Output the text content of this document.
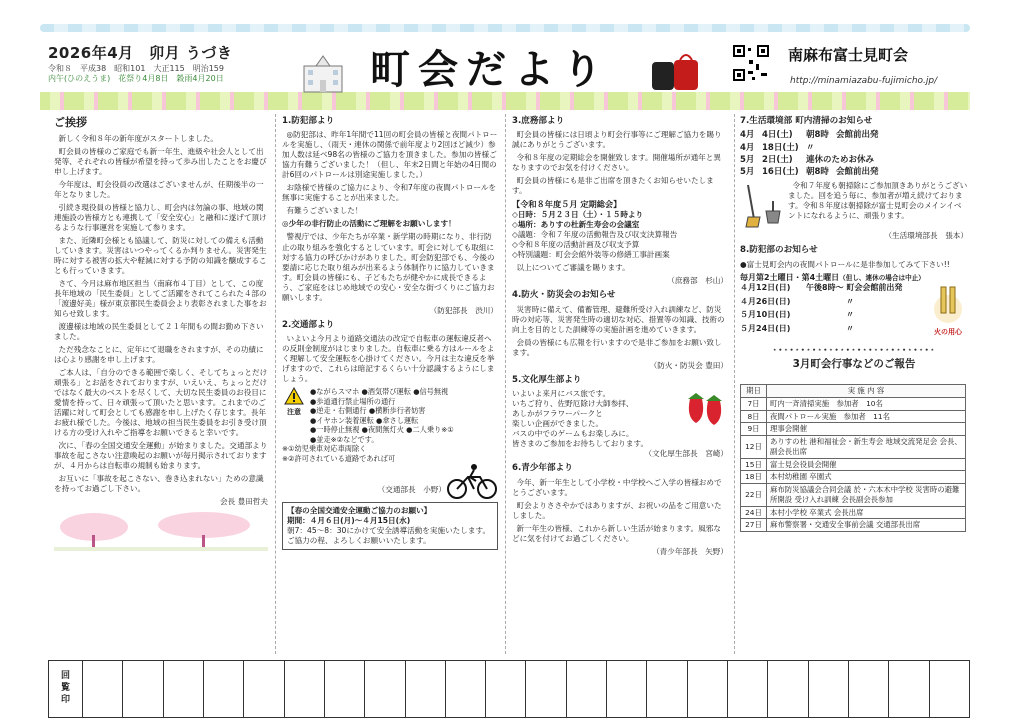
2026年4月　卯月 うづき
令和８　平成38　昭和101　大正115　明治159
内午(ひのえうま)　花祭り4月8日　穀雨4月20日	町会だより	南麻布富士見町会
http://minamiazabu-fujimicho.jp/
ご挨拶

新しく令和８年の新年度がスタートしました。

町会員の皆様のご家庭でも新一年生、進級や社会人として出発等、それぞれの皆様が希望を持って歩み出したことをお慶び申し上げます。

今年度は、町会役員の改選はございませんが、任期後半の一年となりました。

引続き現役員の皆様と協力し、町会内は勿論の事、地域の関連施設の皆様方とも連携して「安全安心」と融和に遂げて頂けるような行事運営を実施して参ります。

また、近隣町会様とも協議して、防災に対しての備えも活動していきます。災害はいつやってくるか判りません。災害発生時に対する被害の拡大や軽減に対する予防の知識を醸成することも行っていきます。

さて、今月は麻布地区担当（南麻布４丁目）として、この度長年地域の「民生委員」としてご活躍をされてこられた４部の「渡邊好美」様が東京都民生委員会より表彰されました事をお知らせ致します。

渡邊様は地域の民生委員として２１年間もの間お勤め下さいました。

ただ残念なことに、定年にて退職をされますが、その功績には心より感謝を申し上げます。

ご本人は、「自分のできる範囲で楽しく、そしてちょっとだけ頑張る」とお話をされておりますが、いえいえ、ちょっとだけではなく最大のベストを尽くして、大切な民生委員のお役目に愛情を持って、日々頑張って頂いたと思います。これまでのご活躍に対して町会としても感謝を申し上げたく存じます。長年お疲れ様でした。今後は、地域の担当民生委員をお引き受け頂ける方の受け入れやご指導をお願いできると幸いです。

次に、「春の全国交通安全運動」が始まりました。交通部より事故を起こさない注意喚起のお願いが毎月掲示されておりますが、４月からは自転車の規制も始まります。

お互いに「事故を起こさない、巻き込まれない」ための意識を持ってお過ごし下さい。

会長 豊田哲夫
1.防犯部より

◎防犯部は、昨年1年間で11回の町会員の皆様と夜間パトロールを実施し、（雨天・連休の関係で前年度より2回ほど減少）参加人数は延べ98名の皆様のご協力を頂きました。参加の皆様ご協力有難うございました！（但し、年末2日間と年始の4日間の計6回のパトロールは別途実施しました。）

お陰様で皆様のご協力により、令和7年度の夜間パトロールを無事に実施することが出来ました。

有難うございました！

◎少年の非行防止の活動にご理解をお願いします！

警視庁では、少年たちが卒業・新学期の時期になり、非行防止の取り組みを強化するとしています。町会に対しても取組に対する協力の呼びかけがありました。町会防犯部でも、今後の要請に応じた取り組みが出来るよう体制作りに協力していきます。町会員の皆様にも、子どもたちが健やかに成長できるよう、ご家庭をはじめ地域での安心・安全な街づくりにご協力お願いします。

（防犯部長　渋川）
2.交通部より

いよいよ今月より道路交通法の改定で自転車の運転違反者への反則金制度がはじまりました。自転車に乗る方はルールをよく理解して安全運転を心掛けてください。今月は主な違反を挙げますので、これらは暗記するくらい十分認識するようにしましょう。

注意
●ながらスマホ ●酒気帯び運転 ●信号無視
●歩道通行禁止場所の通行
●逆走・右側通行 ●横断歩行者妨害
●イヤホン装着運転 ●傘さし運転
●一時停止無視 ●夜間無灯火 ●二人乗り※①
●並走※②などです。
※①幼児乗車対応車両除く
※②許可されている道路であれば可
（交通部長　小野）
【春の全国交通安全運動ご協力のお願い】
期間：４月６日(月)～４月15日(水)
朝7：45～8：30にかけて安全誘導活動を実施いたします。ご協力の程、よろしくお願いいたします。
3.庶務部より

町会員の皆様には日頃より町会行事等にご理解ご協力を賜り誠にありがとうございます。

令和８年度の定期総会を開催致します。開催場所が通年と異なりますのでお気を付けください。

町会員の皆様にも是非ご出席を頂きたくお知らせいたします。

【令和８年度５月 定期総会】
◇日時：５月２３日（土）・１５時より
◇場所：ありすの杜新生寿会の会議室
◇議題：令和７年度の活動報告及び収支決算報告
◇令和８年度の活動計画及び収支予算
◇特別議題：町会会館外装等の修繕工事計画案

以上についてご審議を賜ります。

（庶務部　杉山）
4.防火・防災会のお知らせ

災害時に備えて、備蓄管理、避難所受け入れ訓練など、防災時の対応等、災害発生時の適切な対応、措置等の知識、技術の向上を目的とした訓練等の実施計画を進めていきます。

会員の皆様にも広報を行いますので是非ご参加をお願い致します。

（防火・防災会 豊田）
5.文化厚生部より
いよいよ来月にバス旅です。
いちご狩り、佐野厄除け大師参拝、
あしかがフラワーパークと
楽しい企画ができました。
バスの中でのゲームもお楽しみに。
皆さまのご参加をお待ちしております。
（文化厚生部長　宮崎）
6.青少年部より

今年、新一年生として小学校・中学校へご入学の皆様おめでとうございます。

町会よりささやかではありますが、お祝いの品をご用意いたしました。

新一年生の皆様、これから新しい生活が始まります。風邪などに気を付けてお過ごしください。

（青少年部長　矢野）
7.生活環境部 町内清掃のお知らせ
4月 4日(土)	朝8時 会館前出発
4月 18日(土) 〃
5月 2日(土)	連休のためお休み
5月 16日(土) 朝8時 会館前出発

令和７年度も朝掃除にご参加頂きありがとうございました。回を追う毎に、参加者が増え続けております。令和８年度は朝掃除が富士見町会のメインイベントになれるように、頑張ります。

（生活環境部長　張本）
8.防犯部のお知らせ

●富士見町会内の夜間パトロールに是非参加してみて下さい!!

毎月第2土曜日・第4土曜日（但し、連休の場合は中止）
４月12日(日)	午後8時～ 町会会館前出発
４月26日(日)	〃
５月10日(日)	〃
５月24日(日)	〃	火の用心
⋆∙⋆∙⋆∙⋆∙⋆∙⋆∙⋆∙⋆∙⋆∙⋆∙⋆∙⋆∙⋆∙⋆∙⋆
3月町会行事などのご報告
期日	実 施 内 容
7日	町内一斉清掃実施　参加者　10名
8日	夜間パトロール実施　参加者　11名
9日	理事会開催
12日	ありすの杜 港和福祉会・新生寿会 地域交流発足会 会長、副会長出席
15日	富士見会役員会開催
18日	本村幼稚園 卒園式
22日	麻布防災協議会合同会議 於・六本木中学校 災害時の避難所開設 受け入れ訓練 会長副会長参加
24日	本村小学校 卒業式 会長出席
27日	麻布警察署・交通安全事前会議 交通部長出席
回
覧
印
